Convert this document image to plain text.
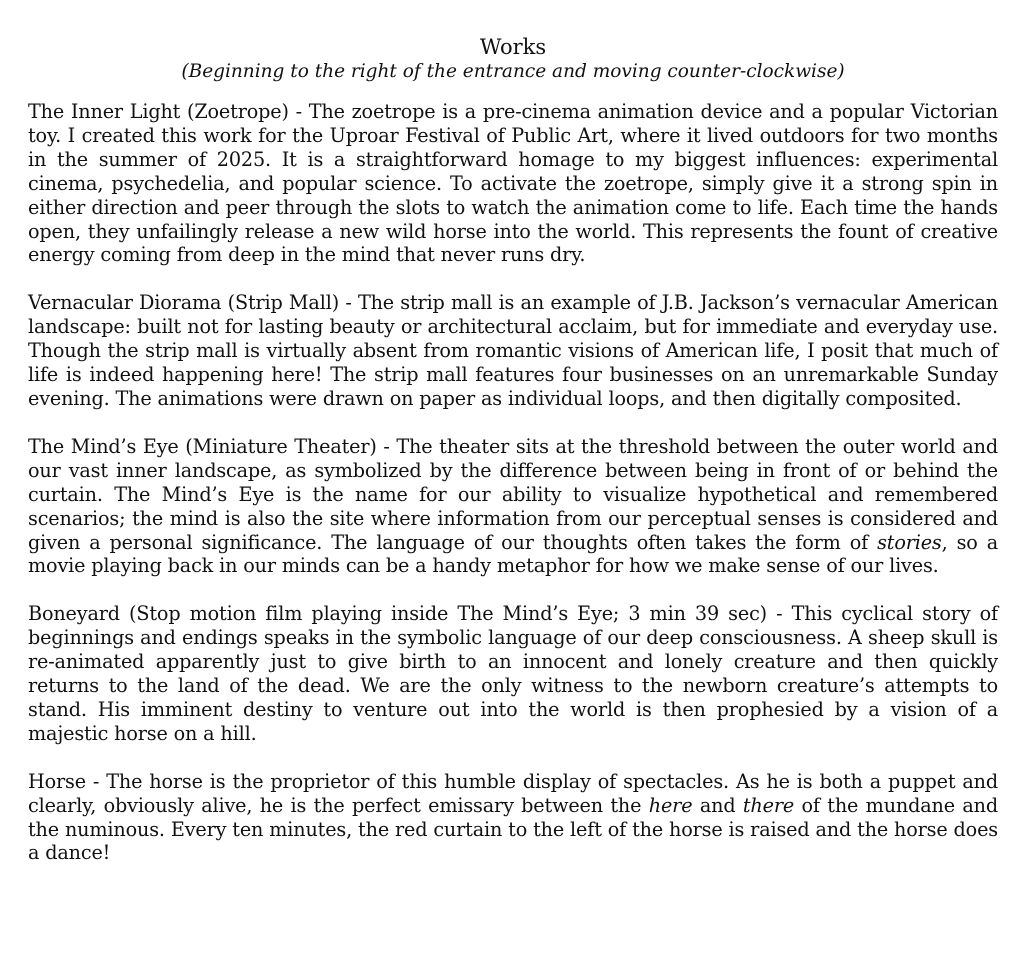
Works

(Beginning to the right of the entrance and moving counter-clockwise)

The Inner Light (Zoetrope) - The zoetrope is a pre-cinema animation device and a popular Victorian toy. I created this work for the Uproar Festival of Public Art, where it lived outdoors for two months in the summer of 2025. It is a straightforward homage to my biggest influences: experimental cinema, psychedelia, and popular science. To activate the zoetrope, simply give it a strong spin in either direction and peer through the slots to watch the animation come to life. Each time the hands open, they unfailingly release a new wild horse into the world. This represents the fount of creative energy coming from deep in the mind that never runs dry.

Vernacular Diorama (Strip Mall) - The strip mall is an example of J.B. Jackson’s vernacular American landscape: built not for lasting beauty or architectural acclaim, but for immediate and everyday use. Though the strip mall is virtually absent from romantic visions of American life, I posit that much of life is indeed happening here! The strip mall features four businesses on an unremarkable Sunday evening. The animations were drawn on paper as individual loops, and then digitally composited.

The Mind’s Eye (Miniature Theater) - The theater sits at the threshold between the outer world and our vast inner landscape, as symbolized by the difference between being in front of or behind the curtain. The Mind’s Eye is the name for our ability to visualize hypothetical and remembered scenarios; the mind is also the site where information from our perceptual senses is considered and given a personal significance. The language of our thoughts often takes the form of stories, so a movie playing back in our minds can be a handy metaphor for how we make sense of our lives.

Boneyard (Stop motion film playing inside The Mind’s Eye; 3 min 39 sec) - This cyclical story of beginnings and endings speaks in the symbolic language of our deep consciousness. A sheep skull is re-animated apparently just to give birth to an innocent and lonely creature and then quickly returns to the land of the dead. We are the only witness to the newborn creature’s attempts to stand. His imminent destiny to venture out into the world is then prophesied by a vision of a majestic horse on a hill.

Horse - The horse is the proprietor of this humble display of spectacles. As he is both a puppet and clearly, obviously alive, he is the perfect emissary between the here and there of the mundane and the numinous. Every ten minutes, the red curtain to the left of the horse is raised and the horse does a dance!
